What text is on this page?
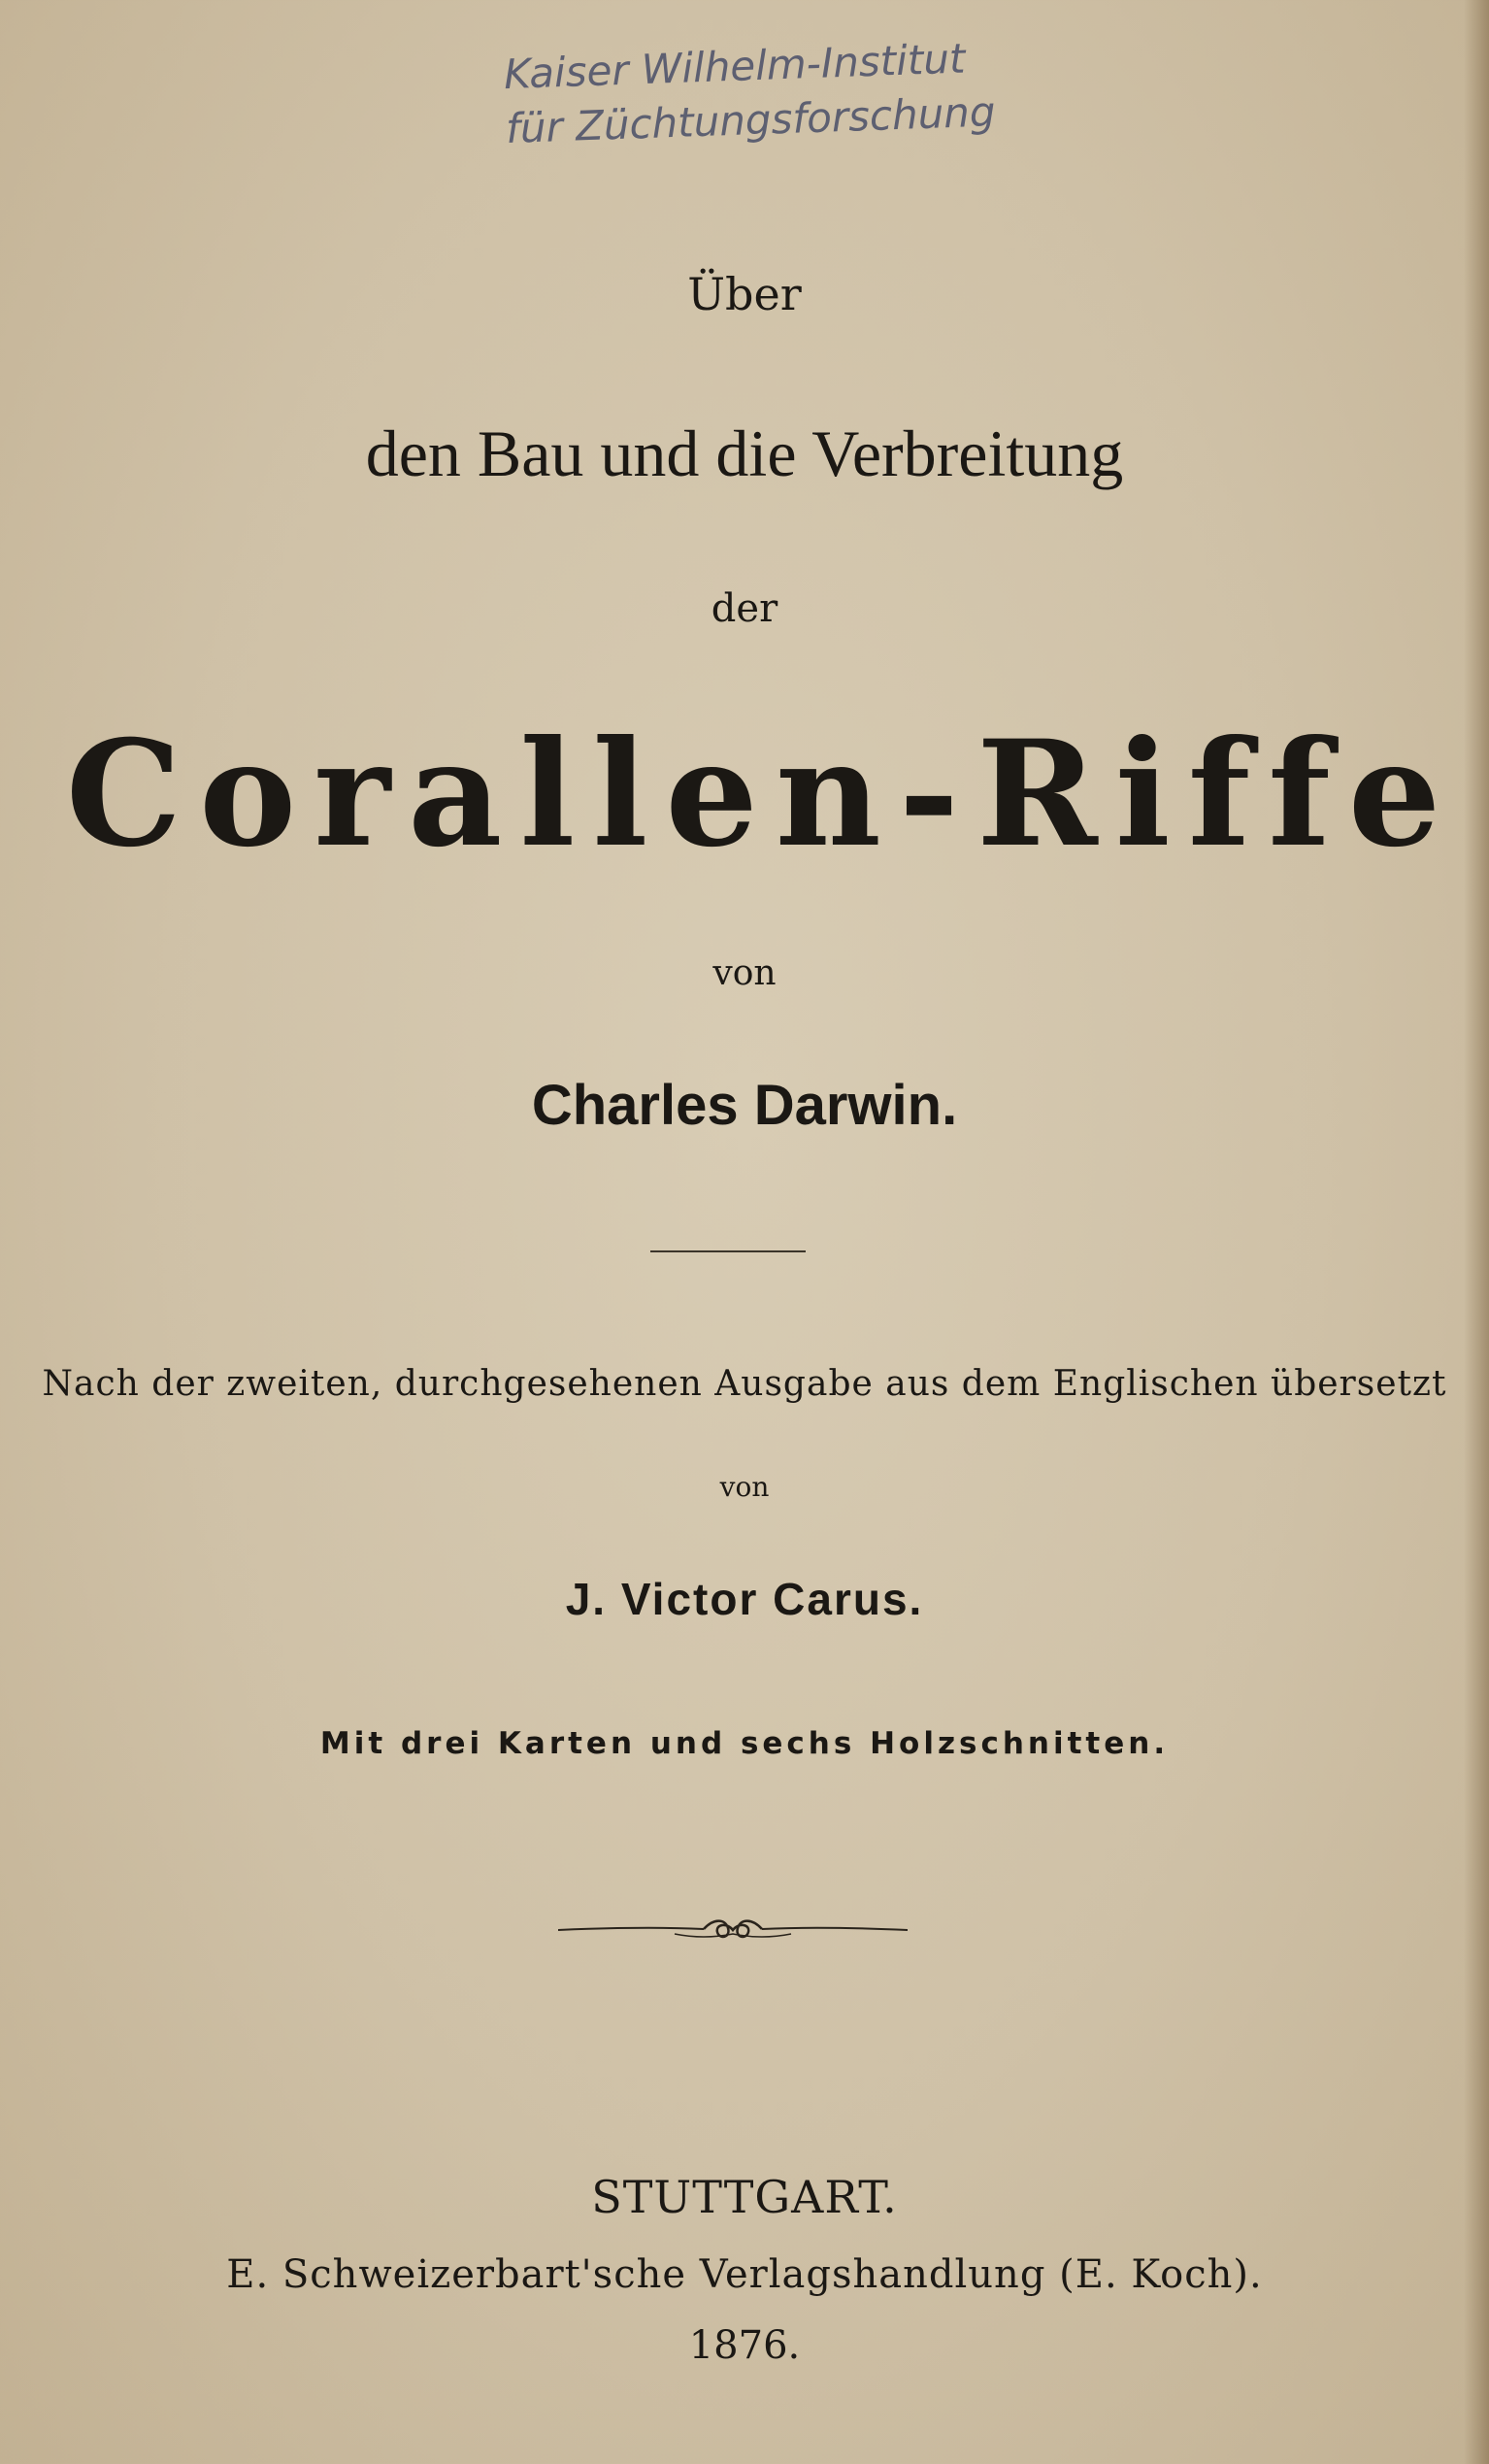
Kaiser Wilhelm-Institut
für Züchtungsforschung
Über
den Bau und die Verbreitung
der
Corallen-Riffe
von
Charles Darwin.
Nach der zweiten, durchgesehenen Ausgabe aus dem Englischen übersetzt
von
J. Victor Carus.
Mit drei Karten und sechs Holzschnitten.
STUTTGART.
E. Schweizerbart'sche Verlagshandlung (E. Koch).
1876.
